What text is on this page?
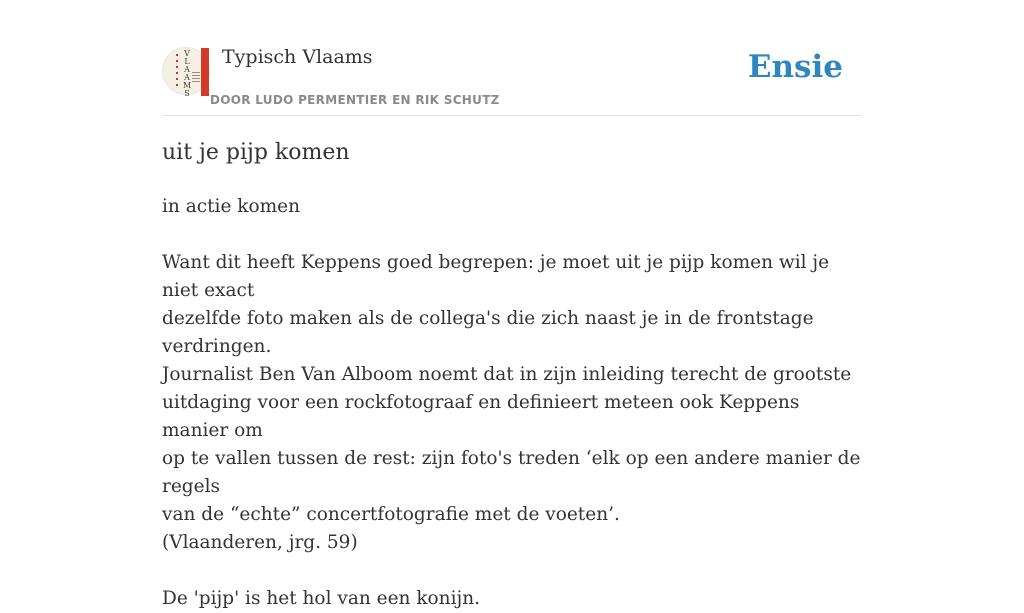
V
L
A
A
M
S
Typisch Vlaams
DOOR LUDO PERMENTIER EN RIK SCHUTZ
Ensie
uit je pijp komen

in actie komen

Want dit heeft Keppens goed begrepen: je moet uit je pijp komen wil je niet exact

dezelfde foto maken als de collega's die zich naast je in de frontstage verdringen.

Journalist Ben Van Alboom noemt dat in zijn inleiding terecht de grootste

uitdaging voor een rockfotograaf en definieert meteen ook Keppens manier om

op te vallen tussen de rest: zijn foto's treden ‘elk op een andere manier de regels

van de “echte” concertfotografie met de voeten’.

(Vlaanderen, jrg. 59)

De 'pijp' is het hol van een konijn.
